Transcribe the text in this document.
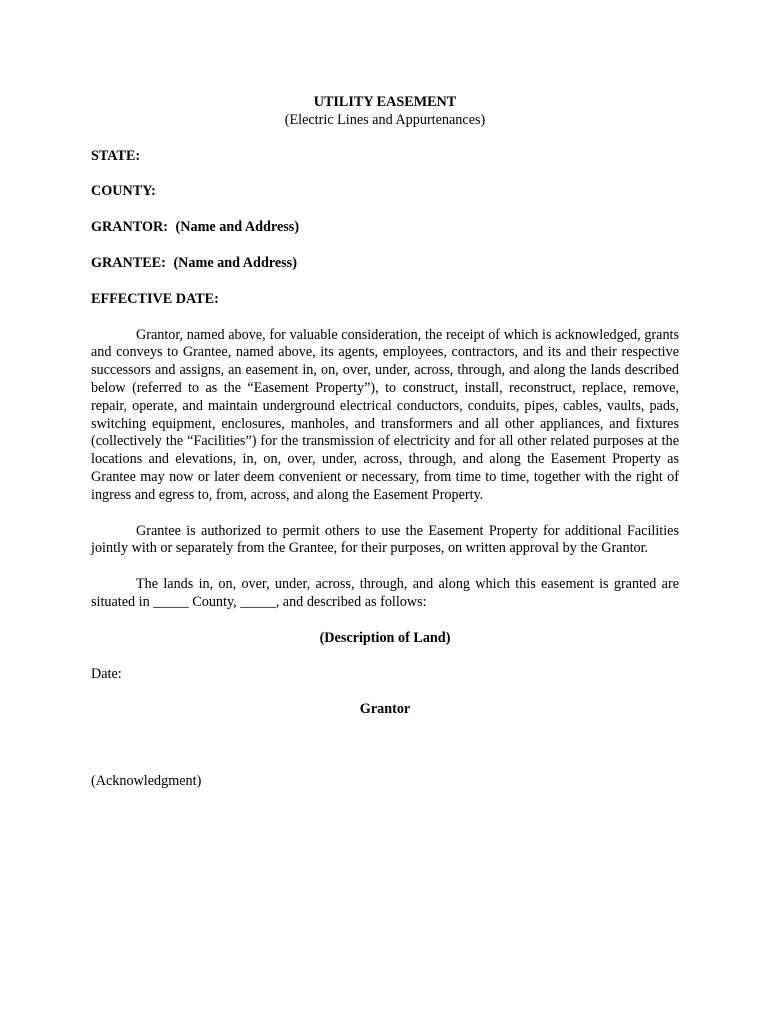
UTILITY EASEMENT

(Electric Lines and Appurtenances)

STATE:

COUNTY:

GRANTOR: (Name and Address)

GRANTEE: (Name and Address)

EFFECTIVE DATE:

Grantor, named above, for valuable consideration, the receipt of which is acknowledged, grants and conveys to Grantee, named above, its agents, employees, contractors, and its and their respective successors and assigns, an easement in, on, over, under, across, through, and along the lands described below (referred to as the “Easement Property”), to construct, install, reconstruct, replace, remove, repair, operate, and maintain underground electrical conductors, conduits, pipes, cables, vaults, pads, switching equipment, enclosures, manholes, and transformers and all other appliances, and fixtures (collectively the “Facilities”) for the transmission of electricity and for all other related purposes at the locations and elevations, in, on, over, under, across, through, and along the Easement Property as Grantee may now or later deem convenient or necessary, from time to time, together with the right of ingress and egress to, from, across, and along the Easement Property.

Grantee is authorized to permit others to use the Easement Property for additional Facilities jointly with or separately from the Grantee, for their purposes, on written approval by the Grantor.

The lands in, on, over, under, across, through, and along which this easement is granted are situated in _____ County, _____, and described as follows:

(Description of Land)

Date:

Grantor

(Acknowledgment)
